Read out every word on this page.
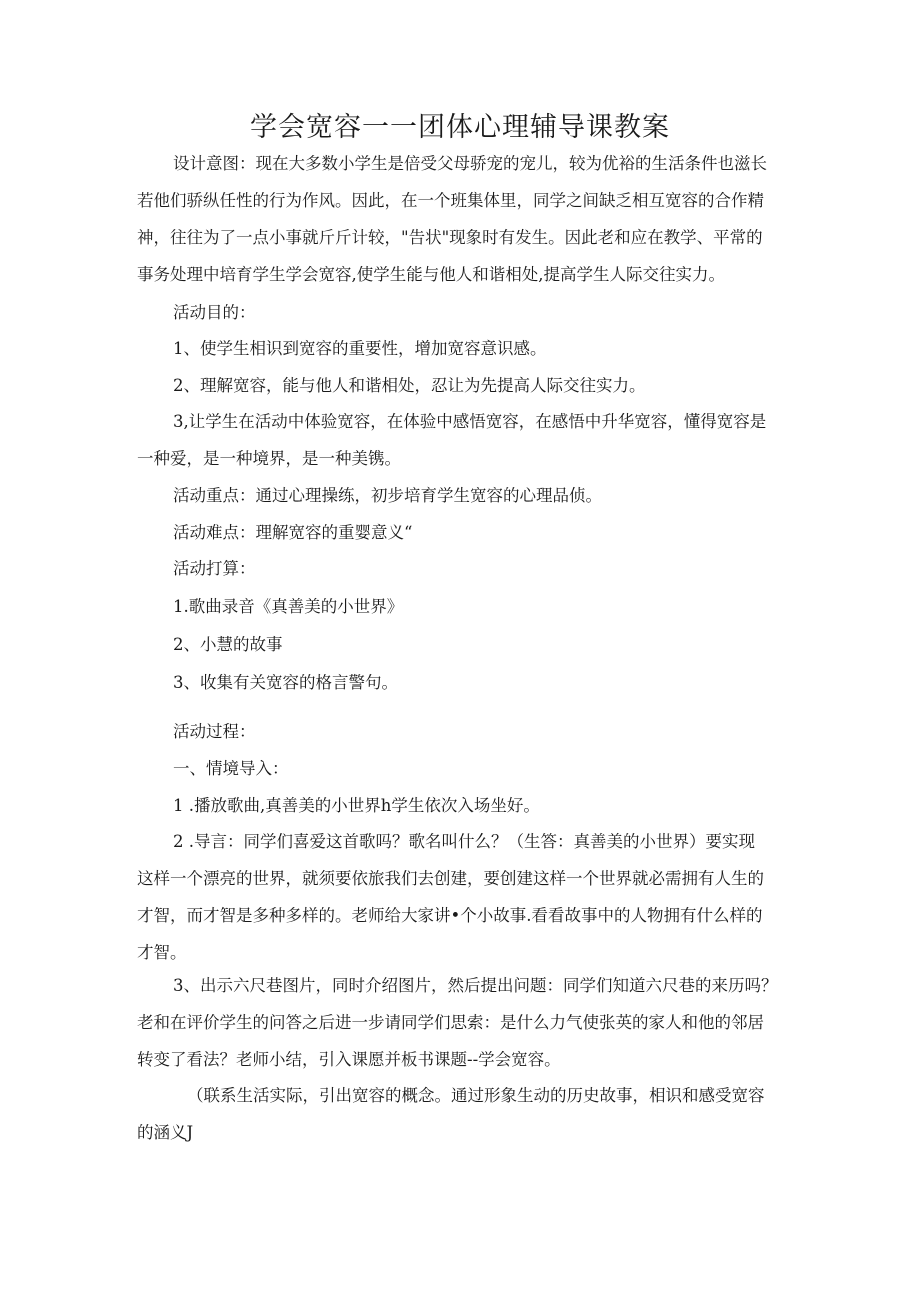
学会宽容一一团体心理辅导课教案
设计意图：现在大多数小学生是倍受父母骄宠的宠儿，较为优裕的生活条件也滋长
若他们骄纵任性的行为作风。因此，在一个班集体里，同学之间缺乏相互宽容的合作精
神，往往为了一点小事就斤斤计较，"告状"现象时有发生。因此老和应在教学、平常的
事务处理中培育学生学会宽容,使学生能与他人和谐相处,提高学生人际交往实力。
活动目的：
1、使学生相识到宽容的重要性，增加宽容意识感。
2、理解宽容，能与他人和谐相处，忍让为先提高人际交往实力。
3,让学生在活动中体验宽容，在体验中感悟宽容，在感悟中升华宽容，懂得宽容是
一种爱，是一种境界，是一种美镌。
活动重点：通过心理操练，初步培育学生宽容的心理品侦。
活动难点：理解宽容的重婴意义“
活动打算：
1.歌曲录音《真善美的小世界》
2、小慧的故事
3、收集有关宽容的格言警句。
活动过程：
一、情境导入：
1 .播放歌曲,真善美的小世界h学生依次入场坐好。
2 .导言：同学们喜爱这首歌吗？歌名叫什么？（生答：真善美的小世界）要实现
这样一个漂亮的世界，就须要依旅我们去创建，要创建这样一个世界就必需拥有人生的
才智，而才智是多种多样的。老师给大家讲•个小故事.看看故事中的人物拥有什么样的
才智。
3、出示六尺巷图片，同时介绍图片，然后提出问题：同学们知道六尺巷的来历吗？
老和在评价学生的问答之后进一步请同学们思索：是什么力气使张英的家人和他的邻居
转变了看法？老师小结，引入课愿并板书课题--学会宽容。
（联系生活实际，引出宽容的概念。通过形象生动的历史故事，相识和感受宽容
的涵义J
